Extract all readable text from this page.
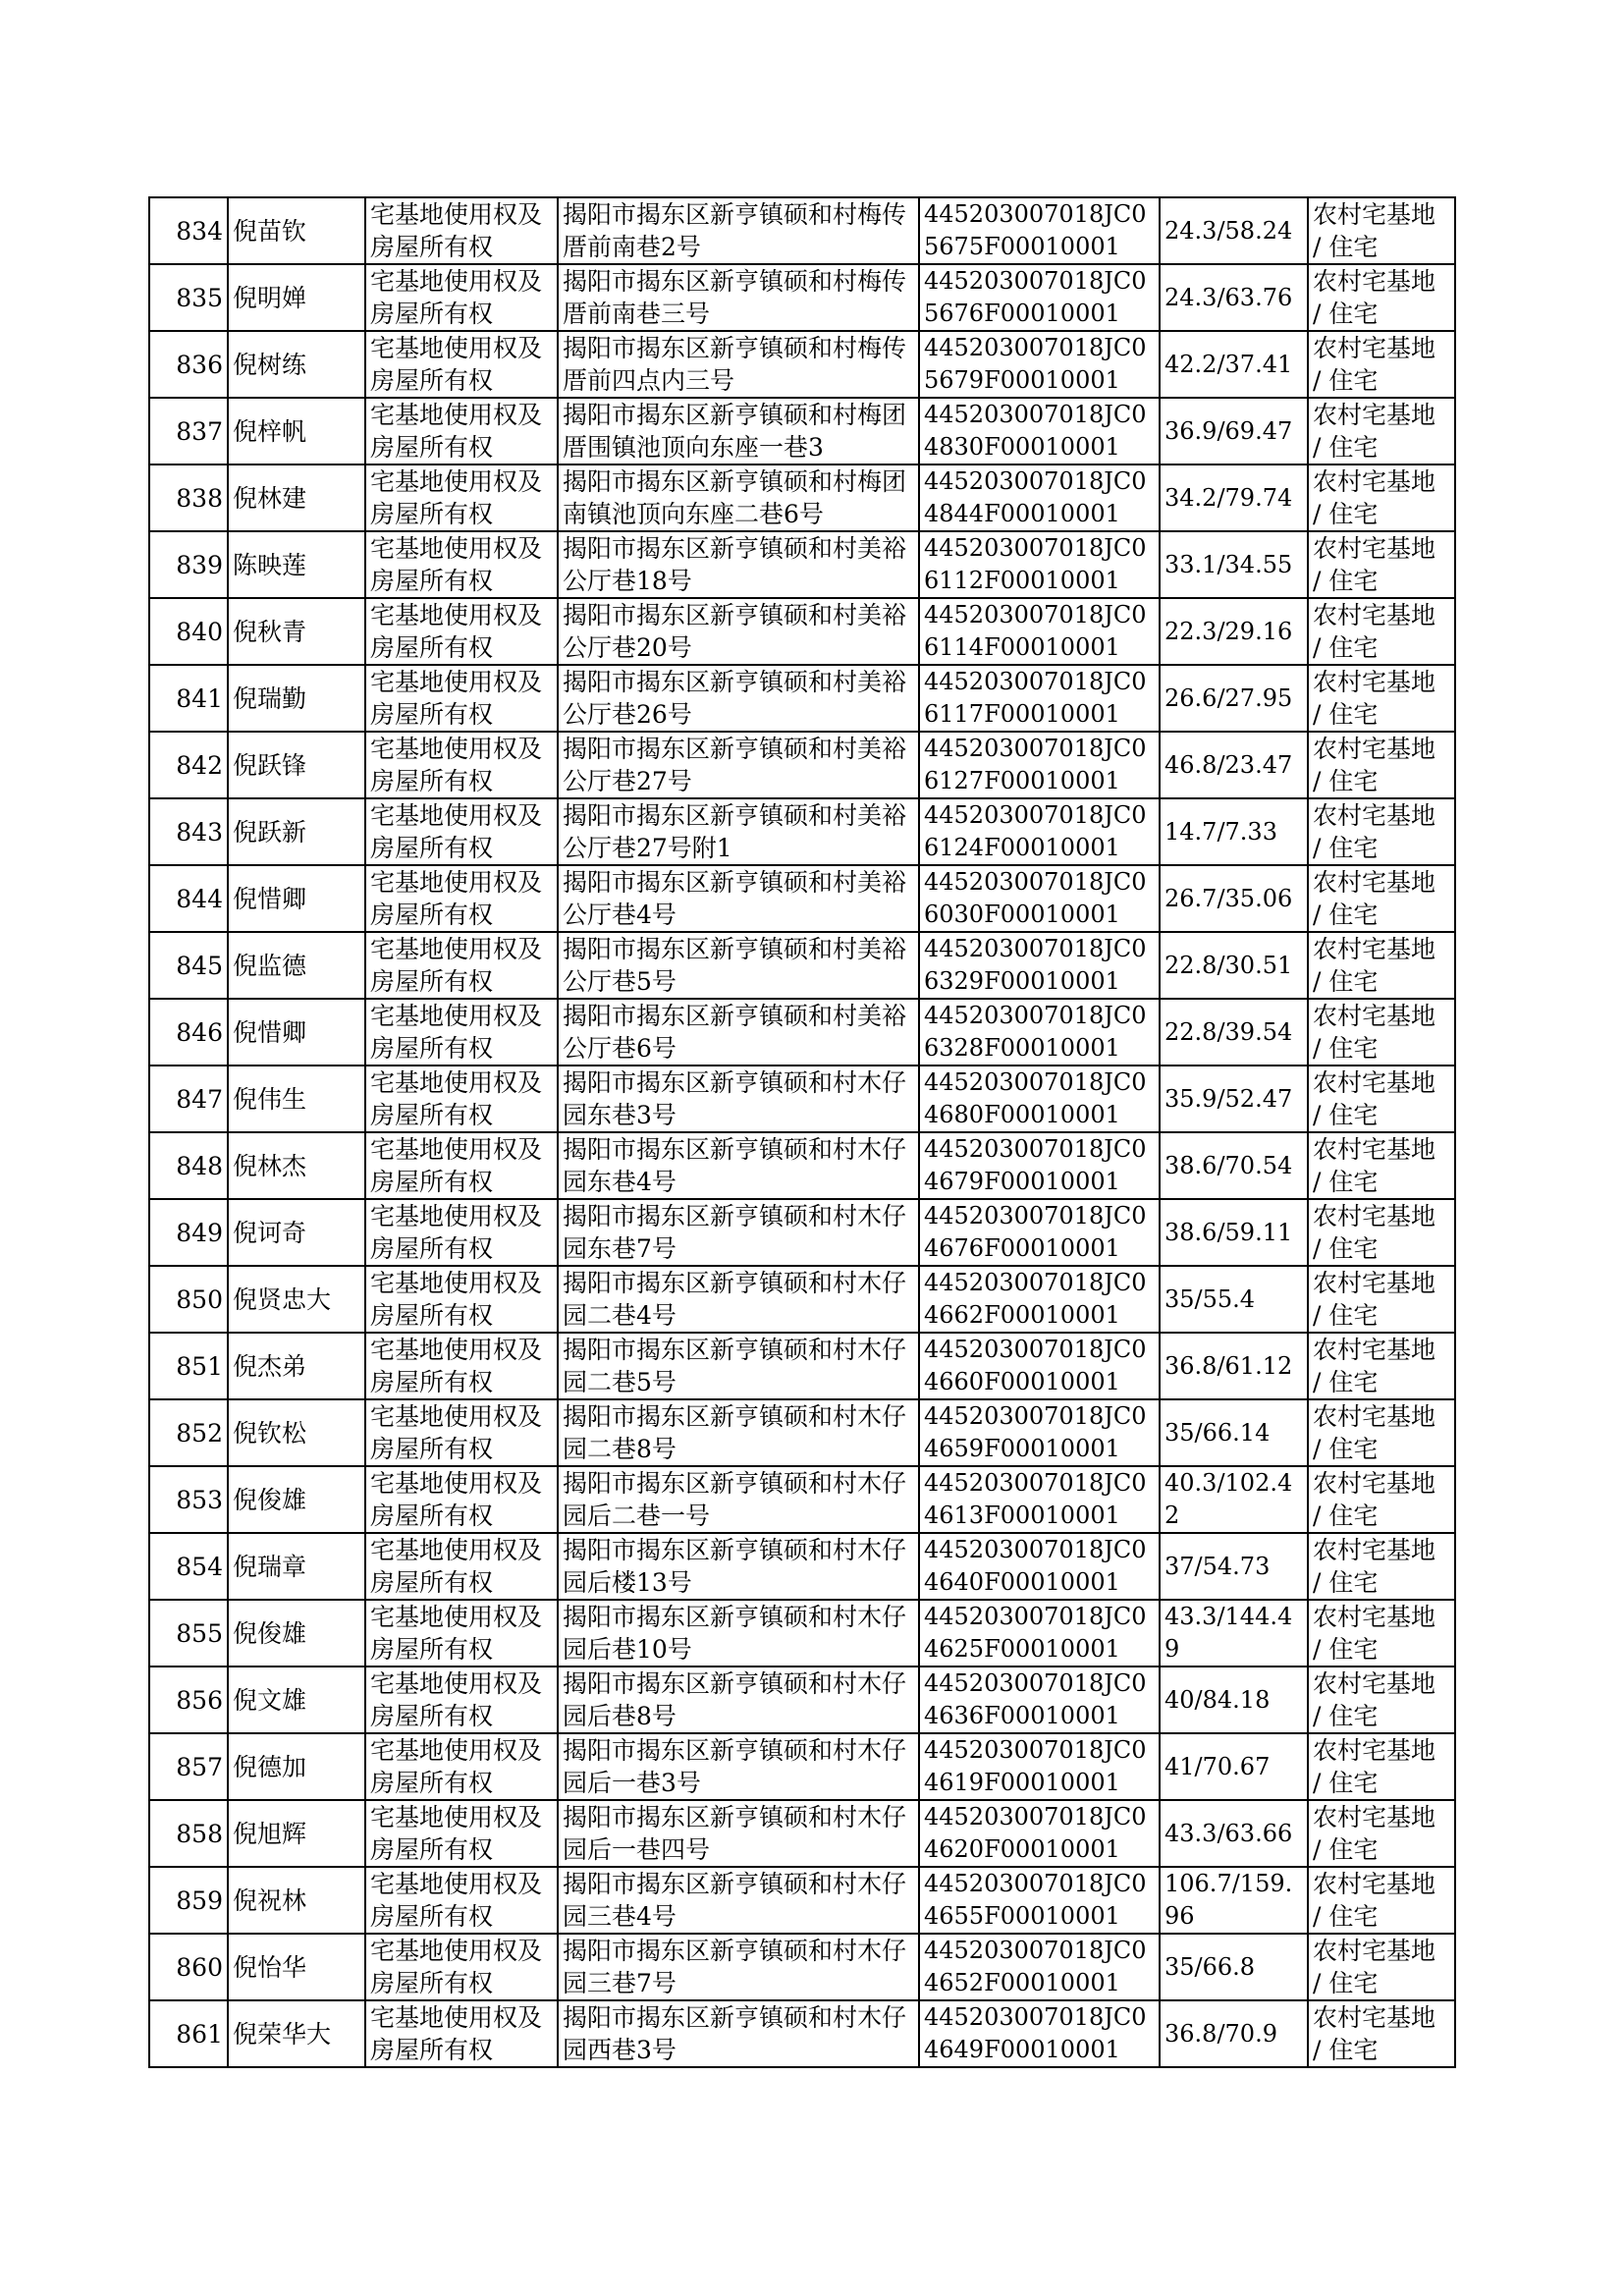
834	倪苗钦	宅基地使用权及房屋所有权	揭阳市揭东区新亨镇硕和村梅传厝前南巷2号	445203007018JC05675F00010001	24.3/58.24	农村宅基地 / 住宅

835	倪明婵	宅基地使用权及房屋所有权	揭阳市揭东区新亨镇硕和村梅传厝前南巷三号	445203007018JC05676F00010001	24.3/63.76	农村宅基地 / 住宅

836	倪树练	宅基地使用权及房屋所有权	揭阳市揭东区新亨镇硕和村梅传厝前四点内三号	445203007018JC05679F00010001	42.2/37.41	农村宅基地 / 住宅

837	倪梓帆	宅基地使用权及房屋所有权	揭阳市揭东区新亨镇硕和村梅团厝围镇池顶向东座一巷3	445203007018JC04830F00010001	36.9/69.47	农村宅基地 / 住宅

838	倪林建	宅基地使用权及房屋所有权	揭阳市揭东区新亨镇硕和村梅团南镇池顶向东座二巷6号	445203007018JC04844F00010001	34.2/79.74	农村宅基地 / 住宅

839	陈映莲	宅基地使用权及房屋所有权	揭阳市揭东区新亨镇硕和村美裕公厅巷18号	445203007018JC06112F00010001	33.1/34.55	农村宅基地 / 住宅

840	倪秋青	宅基地使用权及房屋所有权	揭阳市揭东区新亨镇硕和村美裕公厅巷20号	445203007018JC06114F00010001	22.3/29.16	农村宅基地 / 住宅

841	倪瑞勤	宅基地使用权及房屋所有权	揭阳市揭东区新亨镇硕和村美裕公厅巷26号	445203007018JC06117F00010001	26.6/27.95	农村宅基地 / 住宅

842	倪跃锋	宅基地使用权及房屋所有权	揭阳市揭东区新亨镇硕和村美裕公厅巷27号	445203007018JC06127F00010001	46.8/23.47	农村宅基地 / 住宅

843	倪跃新	宅基地使用权及房屋所有权	揭阳市揭东区新亨镇硕和村美裕公厅巷27号附1	445203007018JC06124F00010001	14.7/7.33	农村宅基地 / 住宅

844	倪惜卿	宅基地使用权及房屋所有权	揭阳市揭东区新亨镇硕和村美裕公厅巷4号	445203007018JC06030F00010001	26.7/35.06	农村宅基地 / 住宅

845	倪监德	宅基地使用权及房屋所有权	揭阳市揭东区新亨镇硕和村美裕公厅巷5号	445203007018JC06329F00010001	22.8/30.51	农村宅基地 / 住宅

846	倪惜卿	宅基地使用权及房屋所有权	揭阳市揭东区新亨镇硕和村美裕公厅巷6号	445203007018JC06328F00010001	22.8/39.54	农村宅基地 / 住宅

847	倪伟生	宅基地使用权及房屋所有权	揭阳市揭东区新亨镇硕和村木仔园东巷3号	445203007018JC04680F00010001	35.9/52.47	农村宅基地 / 住宅

848	倪林杰	宅基地使用权及房屋所有权	揭阳市揭东区新亨镇硕和村木仔园东巷4号	445203007018JC04679F00010001	38.6/70.54	农村宅基地 / 住宅

849	倪诃奇	宅基地使用权及房屋所有权	揭阳市揭东区新亨镇硕和村木仔园东巷7号	445203007018JC04676F00010001	38.6/59.11	农村宅基地 / 住宅

850	倪贤忠大	宅基地使用权及房屋所有权	揭阳市揭东区新亨镇硕和村木仔园二巷4号	445203007018JC04662F00010001	35/55.4	农村宅基地 / 住宅

851	倪杰弟	宅基地使用权及房屋所有权	揭阳市揭东区新亨镇硕和村木仔园二巷5号	445203007018JC04660F00010001	36.8/61.12	农村宅基地 / 住宅

852	倪钦松	宅基地使用权及房屋所有权	揭阳市揭东区新亨镇硕和村木仔园二巷8号	445203007018JC04659F00010001	35/66.14	农村宅基地 / 住宅

853	倪俊雄	宅基地使用权及房屋所有权	揭阳市揭东区新亨镇硕和村木仔园后二巷一号	445203007018JC04613F00010001	40.3/102.42	农村宅基地 / 住宅

854	倪瑞章	宅基地使用权及房屋所有权	揭阳市揭东区新亨镇硕和村木仔园后楼13号	445203007018JC04640F00010001	37/54.73	农村宅基地 / 住宅

855	倪俊雄	宅基地使用权及房屋所有权	揭阳市揭东区新亨镇硕和村木仔园后巷10号	445203007018JC04625F00010001	43.3/144.49	农村宅基地 / 住宅

856	倪文雄	宅基地使用权及房屋所有权	揭阳市揭东区新亨镇硕和村木仔园后巷8号	445203007018JC04636F00010001	40/84.18	农村宅基地 / 住宅

857	倪德加	宅基地使用权及房屋所有权	揭阳市揭东区新亨镇硕和村木仔园后一巷3号	445203007018JC04619F00010001	41/70.67	农村宅基地 / 住宅

858	倪旭辉	宅基地使用权及房屋所有权	揭阳市揭东区新亨镇硕和村木仔园后一巷四号	445203007018JC04620F00010001	43.3/63.66	农村宅基地 / 住宅

859	倪祝林	宅基地使用权及房屋所有权	揭阳市揭东区新亨镇硕和村木仔园三巷4号	445203007018JC04655F00010001	106.7/159.96	农村宅基地 / 住宅

860	倪怡华	宅基地使用权及房屋所有权	揭阳市揭东区新亨镇硕和村木仔园三巷7号	445203007018JC04652F00010001	35/66.8	农村宅基地 / 住宅

861	倪荣华大	宅基地使用权及房屋所有权	揭阳市揭东区新亨镇硕和村木仔园西巷3号	445203007018JC04649F00010001	36.8/70.9	农村宅基地 / 住宅
